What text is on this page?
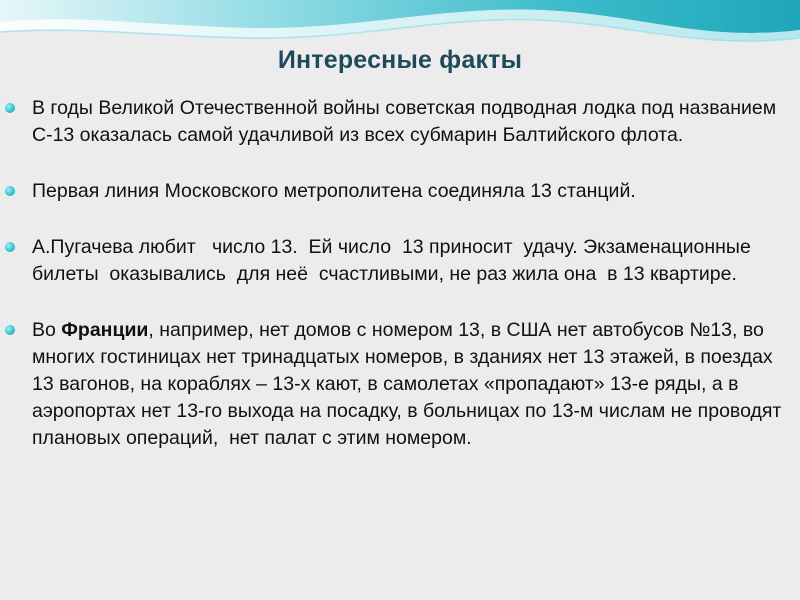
Интересные факты
В годы Великой Отечественной войны советская подводная лодка под названием С-13 оказалась самой удачливой из всех субмарин Балтийского флота.
Первая линия Московского метрополитена соединяла 13 станций.
А.Пугачева любит   число 13.  Ей число  13 приносит  удачу. Экзаменационные билеты  оказывались  для неё  счастливыми, не раз жила она  в 13 квартире.
Во Франции, например, нет домов с номером 13, в США нет автобусов №13, во многих гостиницах нет тринадцатых номеров, в зданиях нет 13 этажей, в поездах 13 вагонов, на кораблях – 13-х кают, в самолетах «пропадают» 13-е ряды, а в аэропортах нет 13-го выхода на посадку, в больницах по 13-м числам не проводят плановых операций,  нет палат с этим номером.
